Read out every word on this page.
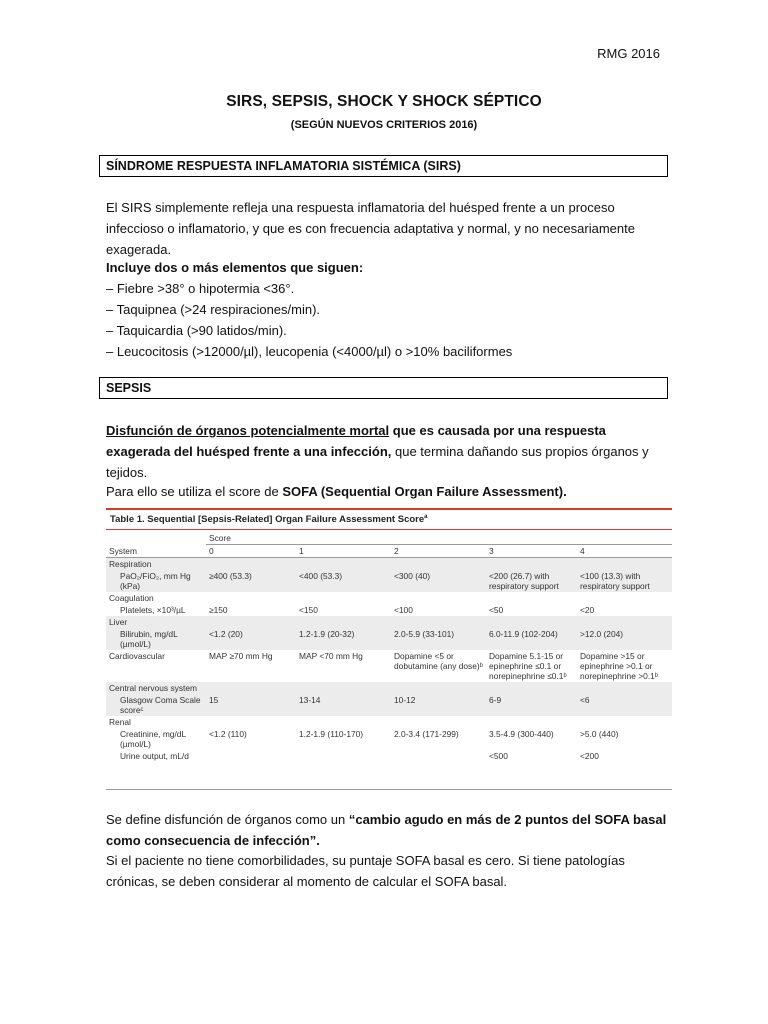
RMG 2016
SIRS, SEPSIS, SHOCK Y SHOCK SÉPTICO
(SEGÚN NUEVOS CRITERIOS 2016)
SÍNDROME RESPUESTA INFLAMATORIA SISTÉMICA (SIRS)
El SIRS simplemente refleja una respuesta inflamatoria del huésped frente a un proceso infeccioso o inflamatorio, y que es con frecuencia adaptativa y normal, y no necesariamente exagerada.
Incluye dos o más elementos que siguen:
– Fiebre >38° o hipotermia <36°.
– Taquipnea (>24 respiraciones/min).
– Taquicardia (>90 latidos/min).
– Leucocitosis (>12000/µl), leucopenia (<4000/µl) o >10% baciliformes
SEPSIS
Disfunción de órganos potencialmente mortal que es causada por una respuesta exagerada del huésped frente a una infección, que termina dañando sus propios órganos y tejidos.
Para ello se utiliza el score de SOFA (Sequential Organ Failure Assessment).
Table 1. Sequential [Sepsis-Related] Organ Failure Assessment Score$^a$
	Score				
System	0	1	2	3	4
Respiration					
PaO₂/FiO₂, mm Hg (kPa)	≥400 (53.3)	<400 (53.3)	<300 (40)	<200 (26.7) with respiratory support	<100 (13.3) with respiratory support
Coagulation					
Platelets, ×10³/µL	≥150	<150	<100	<50	<20
Liver					
Bilirubin, mg/dL (µmol/L)	<1.2 (20)	1.2-1.9 (20-32)	2.0-5.9 (33-101)	6.0-11.9 (102-204)	>12.0 (204)
Cardiovascular	MAP ≥70 mm Hg	MAP <70 mm Hg	Dopamine <5 or dobutamine (any dose)ᵇ	Dopamine 5.1-15 or epinephrine ≤0.1 or norepinephrine ≤0.1ᵇ	Dopamine >15 or epinephrine >0.1 or norepinephrine >0.1ᵇ
Central nervous system					
Glasgow Coma Scale scoreᶜ	15	13-14	10-12	6-9	<6
Renal					
Creatinine, mg/dL (µmol/L)	<1.2 (110)	1.2-1.9 (110-170)	2.0-3.4 (171-299)	3.5-4.9 (300-440)	>5.0 (440)
Urine output, mL/d				<500	<200
Se define disfunción de órganos como un “cambio agudo en más de 2 puntos del SOFA basal como consecuencia de infección”.
Si el paciente no tiene comorbilidades, su puntaje SOFA basal es cero. Si tiene patologías crónicas, se deben considerar al momento de calcular el SOFA basal.
